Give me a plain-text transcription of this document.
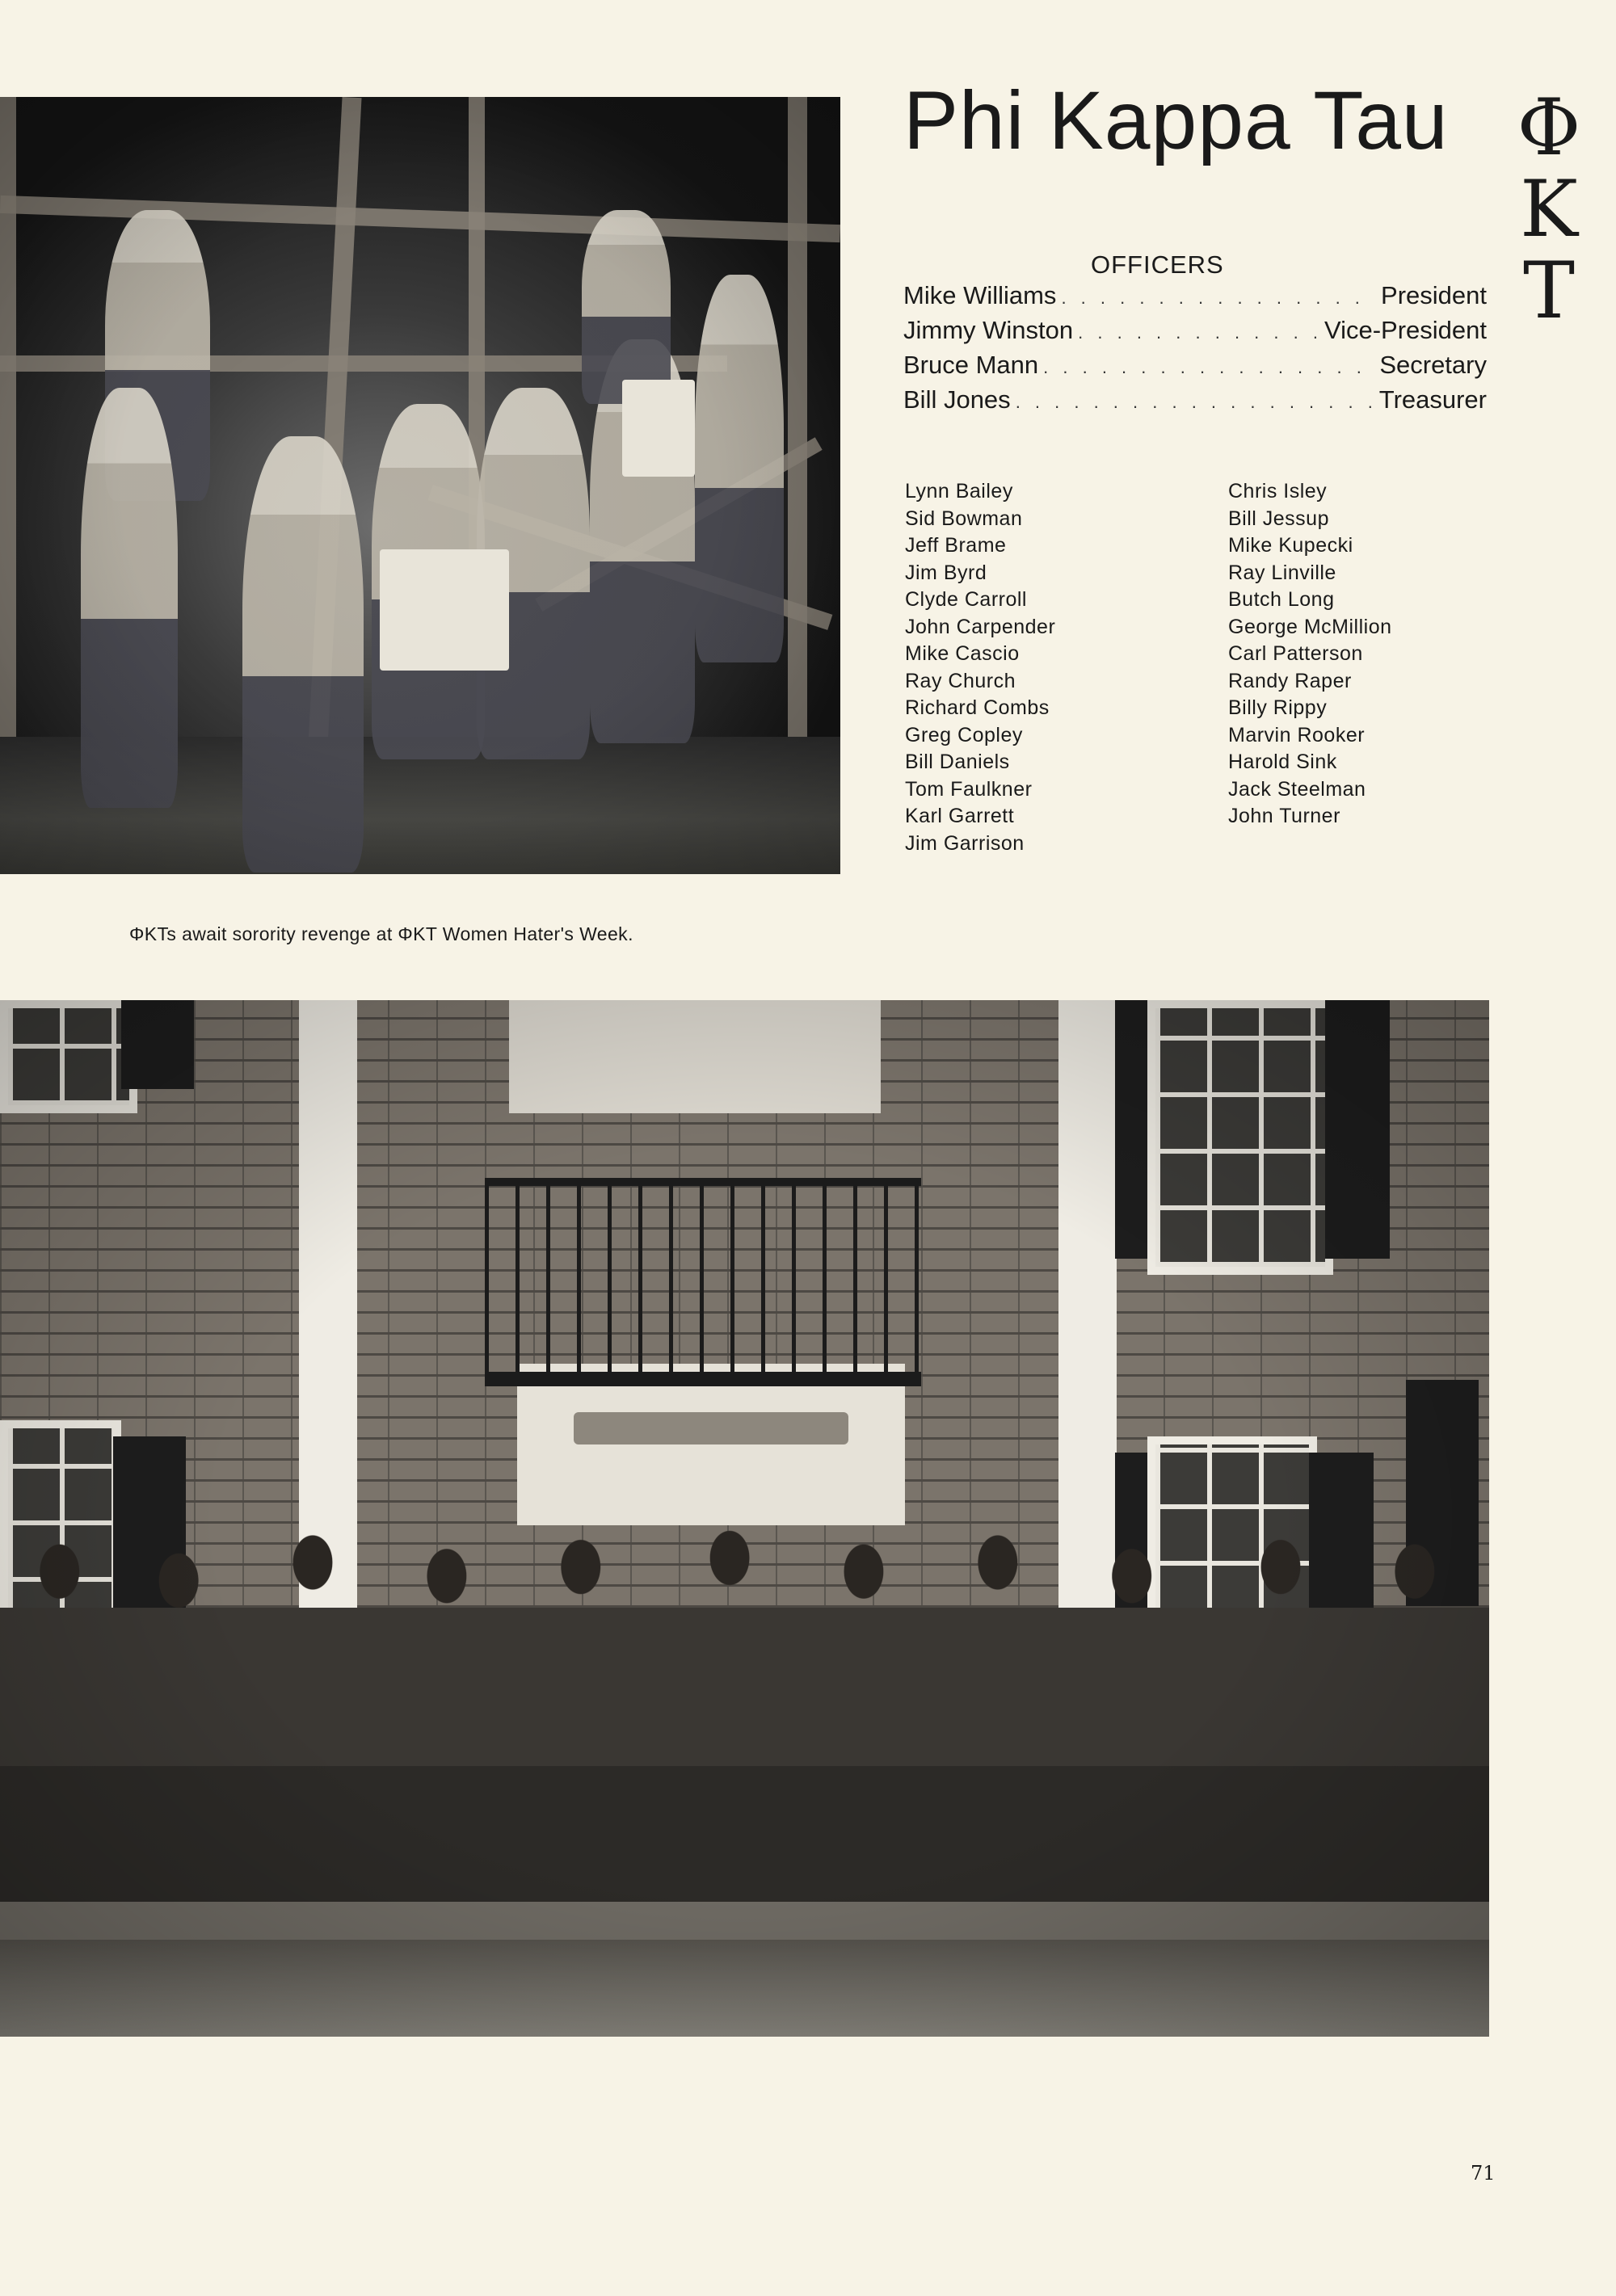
ΦKTs await sorority revenge at ΦKT Women Hater's Week.

Phi Kappa Tau Φ
K
T
OFFICERS
Mike Williams . . .	President
Jimmy Winston . . .	Vice-President
Bruce Mann . . .	Secretary
Bill Jones . . .	Treasurer
Lynn Bailey
Sid Bowman
Jeff Brame
Jim Byrd
Clyde Carroll
John Carpender
Mike Cascio
Ray Church
Richard Combs
Greg Copley
Bill Daniels
Tom Faulkner
Karl Garrett
Jim Garrison
Chris Isley
Bill Jessup
Mike Kupecki
Ray Linville
Butch Long
George McMillion
Carl Patterson
Randy Raper
Billy Rippy
Marvin Rooker
Harold Sink
Jack Steelman
John Turner
71
